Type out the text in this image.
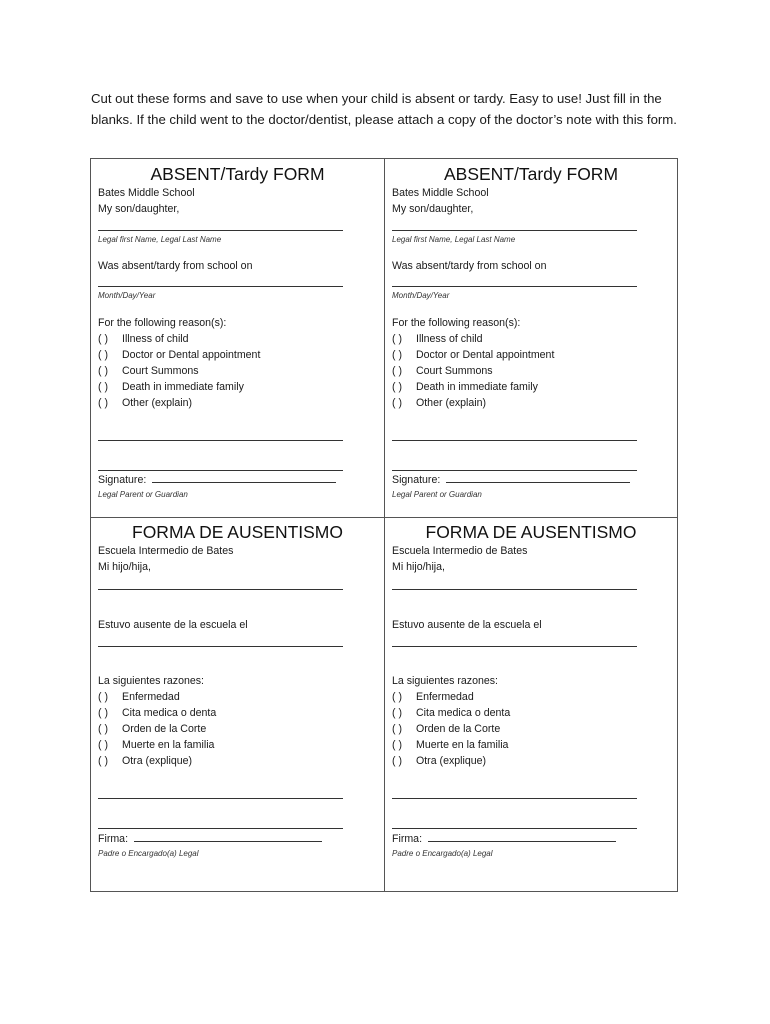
Cut out these forms and save to use when your child is absent or tardy. Easy to use! Just fill in the blanks. If the child went to the doctor/dentist, please attach a copy of the doctor’s note with this form.

ABSENT/Tardy FORM
Bates Middle School
My son/daughter,
Legal first Name, Legal Last Name
Was absent/tardy from school on
Month/Day/Year
For the following reason(s):
( ) Illness of child
( ) Doctor or Dental appointment
( ) Court Summons
( ) Death in immediate family
( ) Other (explain)
Signature:
Legal Parent or Guardian
ABSENT/Tardy FORM
Bates Middle School
My son/daughter,
Legal first Name, Legal Last Name
Was absent/tardy from school on
Month/Day/Year
For the following reason(s):
( ) Illness of child
( ) Doctor or Dental appointment
( ) Court Summons
( ) Death in immediate family
( ) Other (explain)
Signature:
Legal Parent or Guardian
FORMA DE AUSENTISMO
Escuela Intermedio de Bates
Mi hijo/hija,
Estuvo ausente de la escuela el
La siguientes razones:
( ) Enfermedad
( ) Cita medica o denta
( ) Orden de la Corte
( ) Muerte en la familia
( ) Otra (explique)
Firma:
Padre o Encargado(a) Legal
FORMA DE AUSENTISMO
Escuela Intermedio de Bates
Mi hijo/hija,
Estuvo ausente de la escuela el
La siguientes razones:
( ) Enfermedad
( ) Cita medica o denta
( ) Orden de la Corte
( ) Muerte en la familia
( ) Otra (explique)
Firma:
Padre o Encargado(a) Legal
